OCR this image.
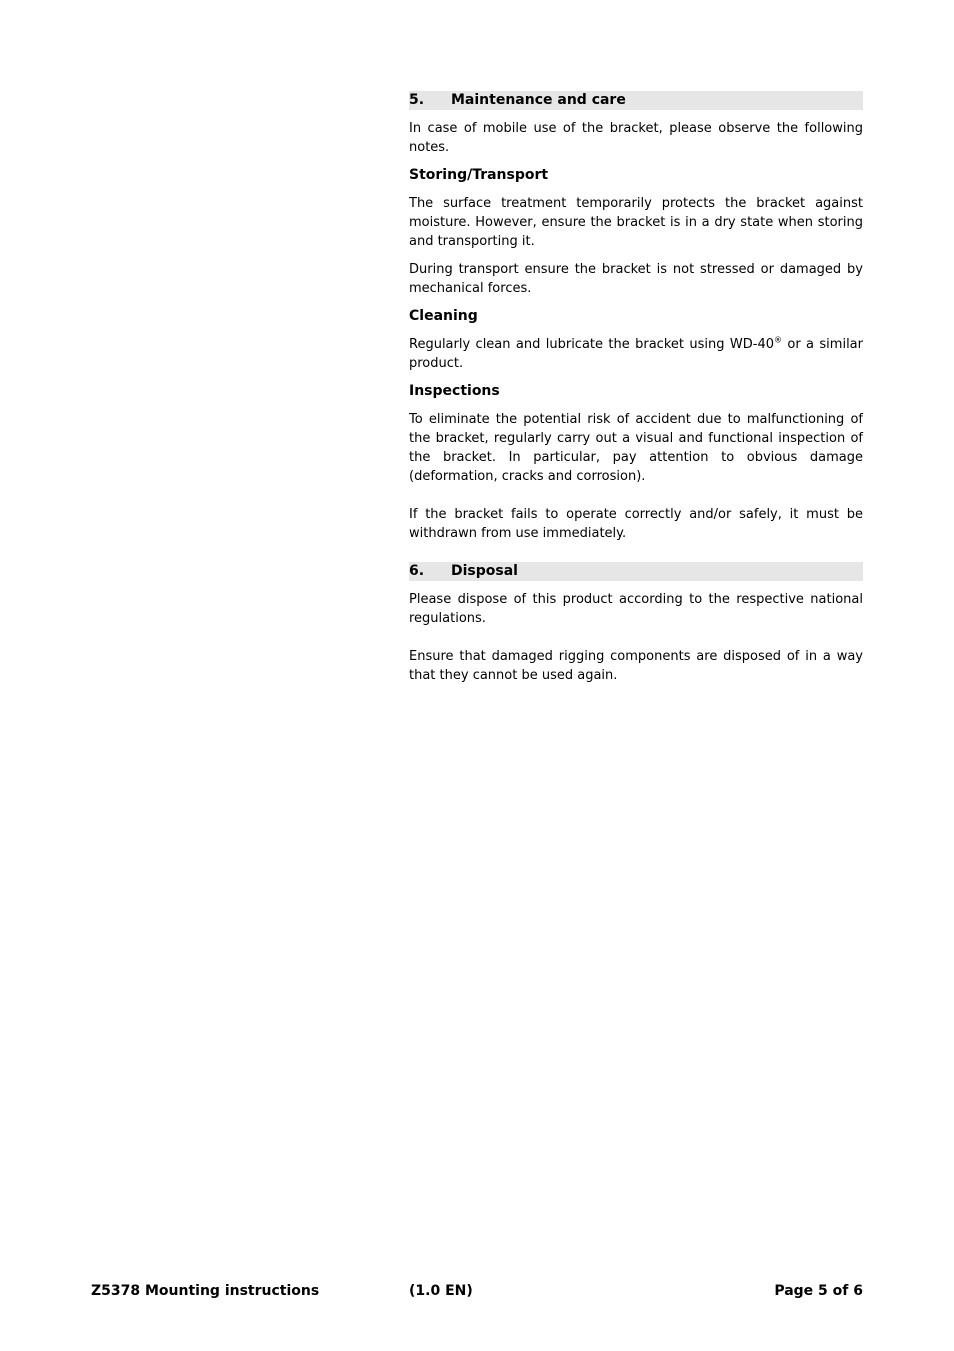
5.	Maintenance and care

In case of mobile use of the bracket, please observe the following notes.

Storing/Transport

The surface treatment temporarily protects the bracket against moisture. However, ensure the bracket is in a dry state when storing and transporting it.

During transport ensure the bracket is not stressed or damaged by mechanical forces.

Cleaning

Regularly clean and lubricate the bracket using WD-40® or a similar product.

Inspections

To eliminate the potential risk of accident due to malfunctioning of the bracket, regularly carry out a visual and functional inspection of the bracket. In particular, pay attention to obvious damage (deformation, cracks and corrosion).

If the bracket fails to operate correctly and/or safely, it must be withdrawn from use immediately.

6.	Disposal

Please dispose of this product according to the respective national regulations.

Ensure that damaged rigging components are disposed of in a way that they cannot be used again.

Z5378 Mounting instructions	(1.0 EN)	Page 5 of 6
